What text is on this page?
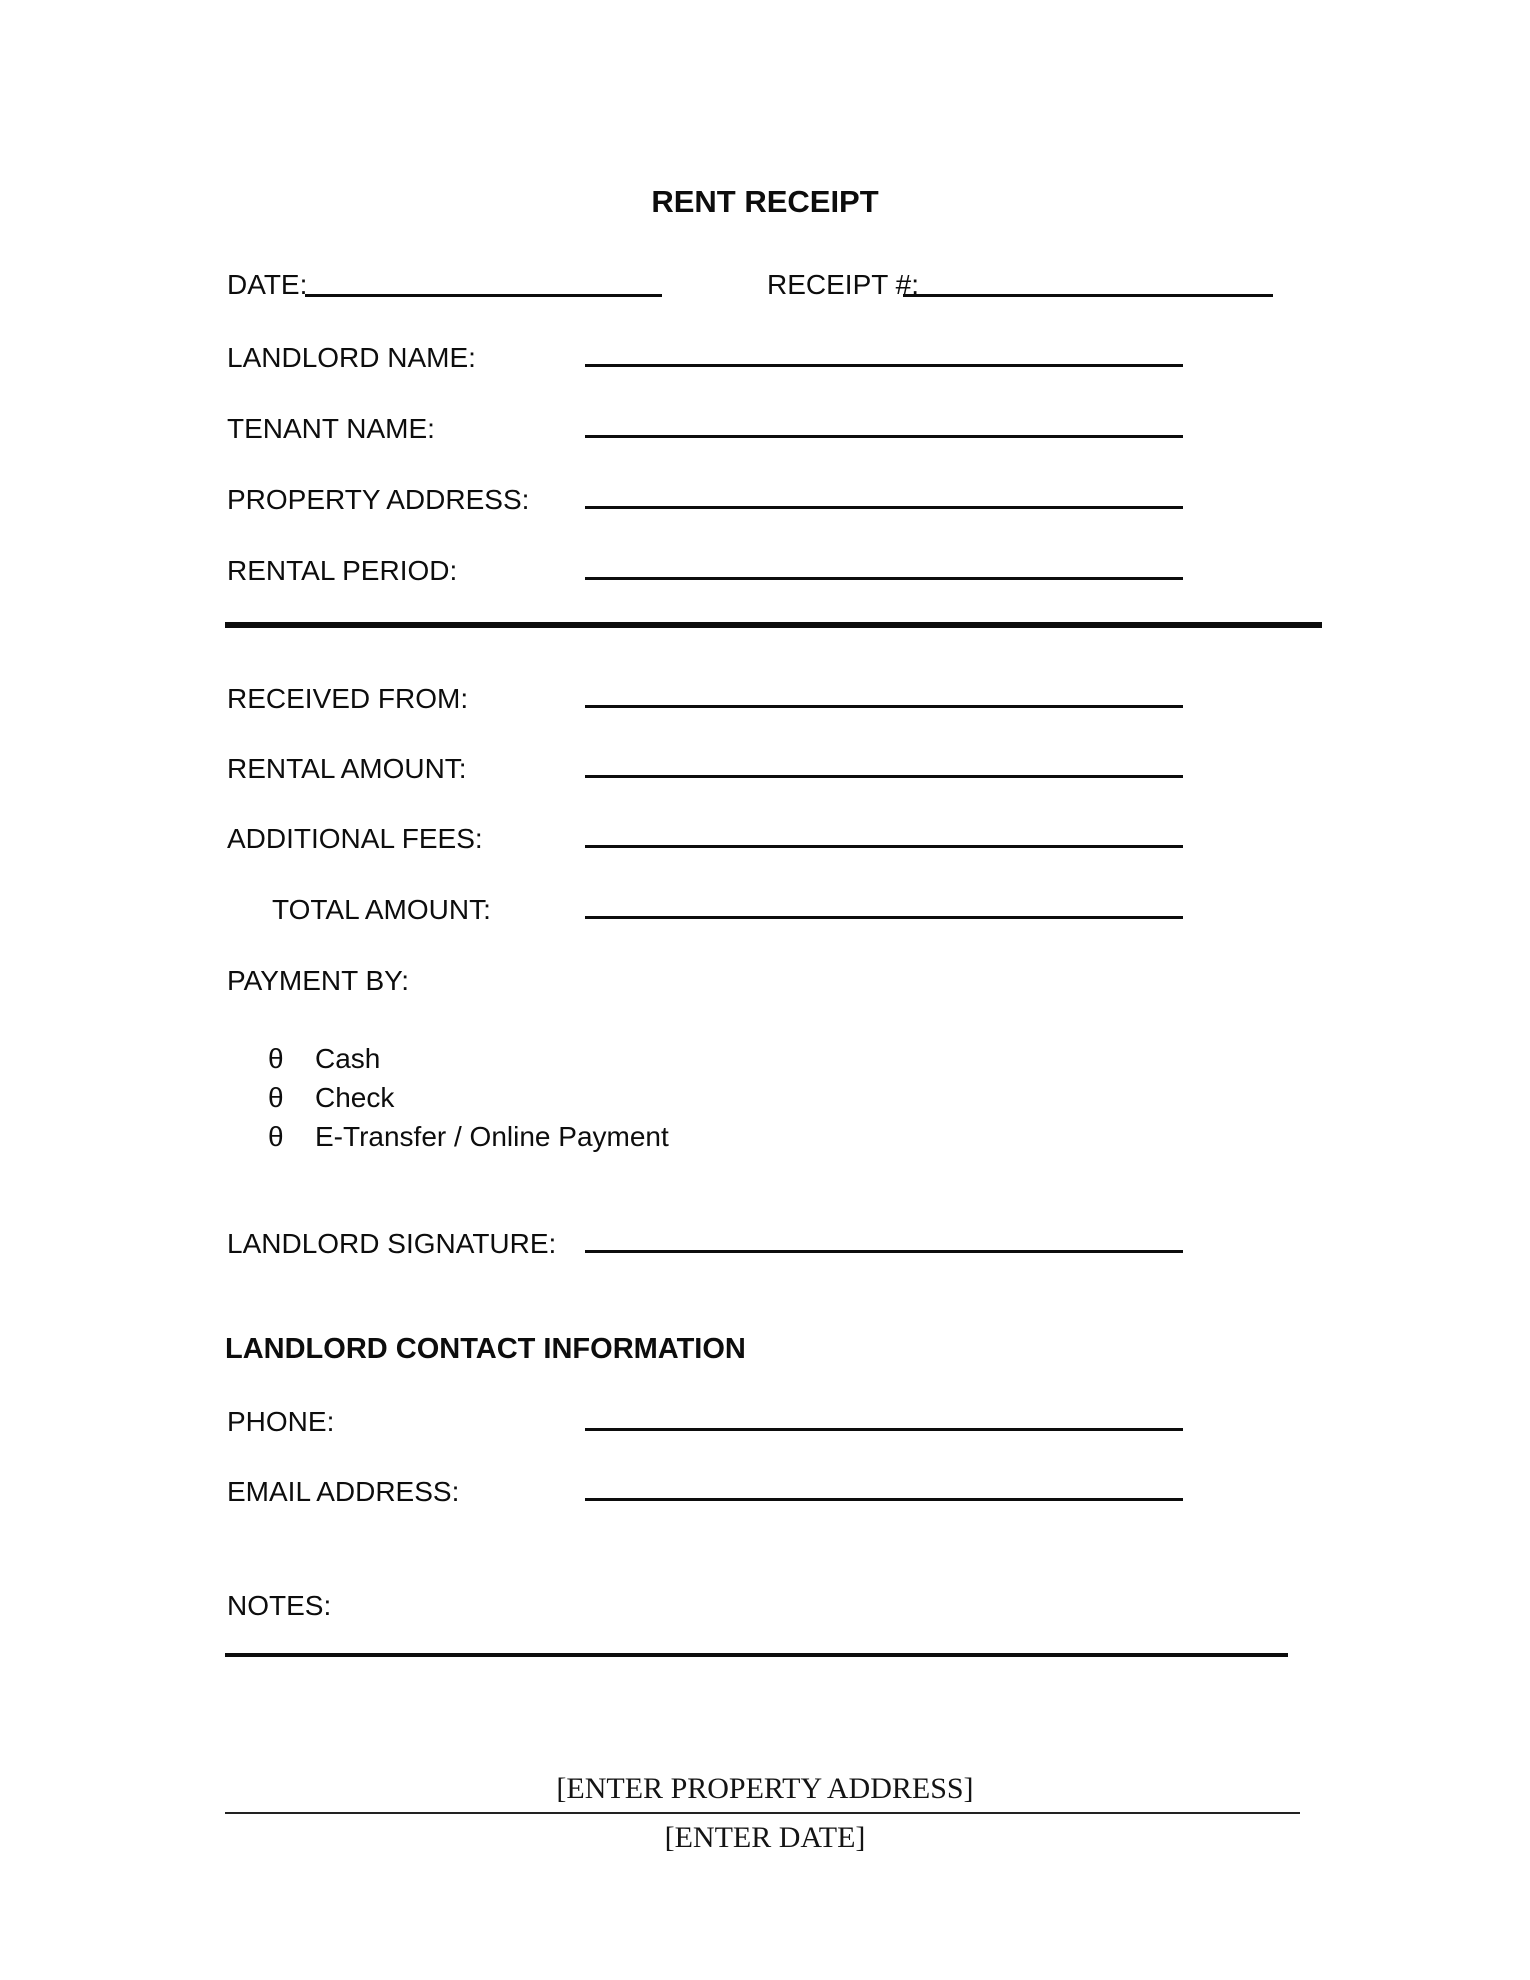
RENT RECEIPT
DATE:	RECEIPT #:
LANDLORD NAME:
TENANT NAME:
PROPERTY ADDRESS:
RENTAL PERIOD:
RECEIVED FROM:
RENTAL AMOUNT:
ADDITIONAL FEES:
TOTAL AMOUNT:
PAYMENT BY:
θ Cash
θ Check
θ E-Transfer / Online Payment
LANDLORD SIGNATURE:
LANDLORD CONTACT INFORMATION
PHONE:
EMAIL ADDRESS:
NOTES:
[ENTER PROPERTY ADDRESS]
[ENTER DATE]
